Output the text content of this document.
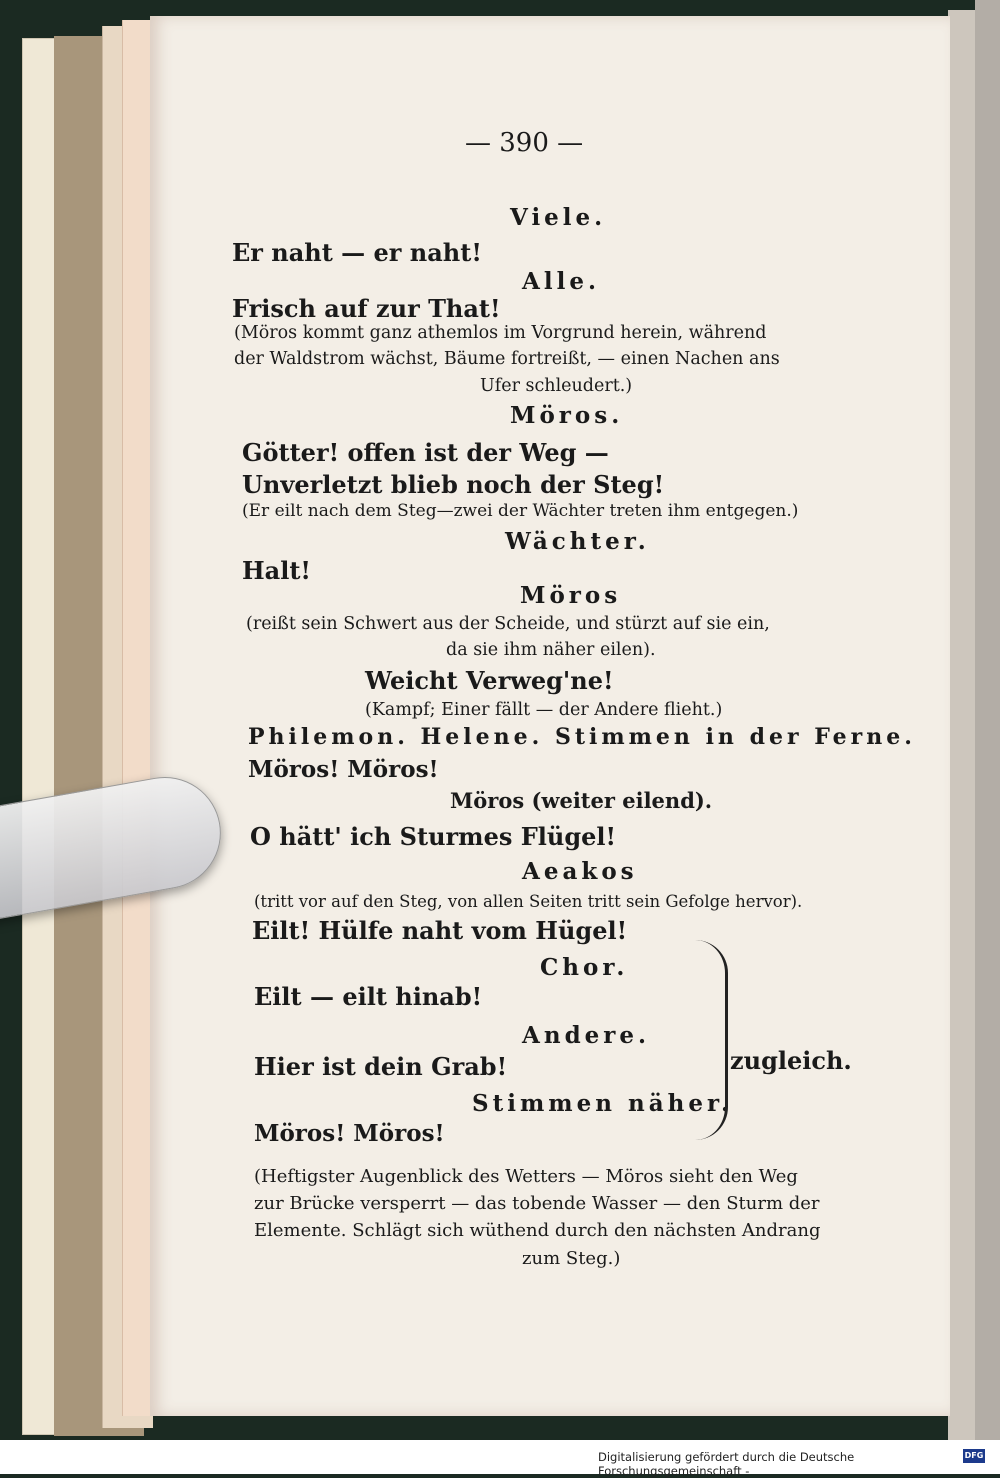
— 390 —
Viele.
Er naht — er naht!
Alle.
Frisch auf zur That!
(Möros kommt ganz athemlos im Vorgrund herein, während
der Waldstrom wächst, Bäume fortreißt, — einen Nachen ans
Ufer schleudert.)
Möros.
Götter! offen ist der Weg —
Unverletzt blieb noch der Steg!
(Er eilt nach dem Steg—zwei der Wächter treten ihm entgegen.)
Wächter.
Halt!
Möros
(reißt sein Schwert aus der Scheide, und stürzt auf sie ein,
da sie ihm näher eilen).
Weicht Verweg'ne!
(Kampf; Einer fällt — der Andere flieht.)
Philemon. Helene. Stimmen in der Ferne.
Möros! Möros!
Möros (weiter eilend).
O hätt' ich Sturmes Flügel!
Aeakos
(tritt vor auf den Steg, von allen Seiten tritt sein Gefolge hervor).
Eilt! Hülfe naht vom Hügel!
Chor.
Eilt — eilt hinab!
Andere.
Hier ist dein Grab!
Stimmen näher.
Möros! Möros!
zugleich.
(Heftigster Augenblick des Wetters — Möros sieht den Weg
zur Brücke versperrt — das tobende Wasser — den Sturm der
Elemente. Schlägt sich wüthend durch den nächsten Andrang
zum Steg.)
Digitalisierung gefördert durch die Deutsche Forschungsgemeinschaft -
DFG
